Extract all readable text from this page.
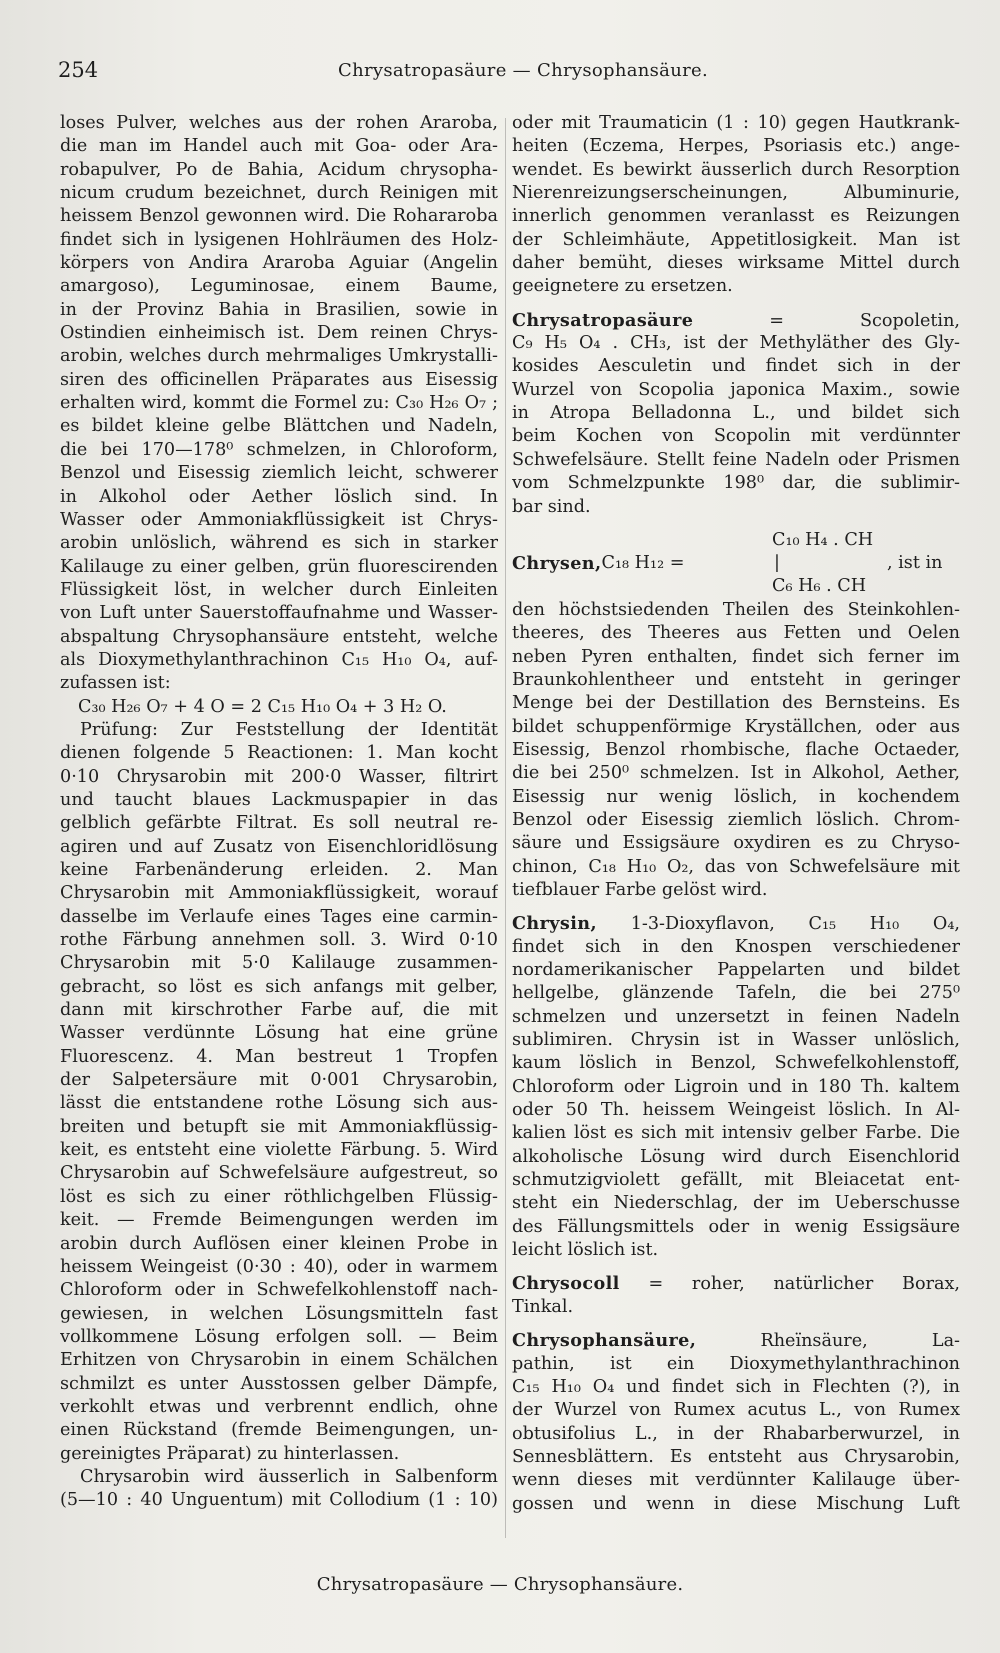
254	Chrysatropasäure — Chrysophansäure.
loses Pulver, welches aus der rohen Araroba,
die man im Handel auch mit Goa- oder Ara-
robapulver, Po de Bahia, Acidum chrysopha-
nicum crudum bezeichnet, durch Reinigen mit
heissem Benzol gewonnen wird. Die Rohararoba
findet sich in lysigenen Hohlräumen des Holz-
körpers von Andira Araroba Aguiar (Angelin
amargoso), Leguminosae, einem Baume,
in der Provinz Bahia in Brasilien, sowie in
Ostindien einheimisch ist. Dem reinen Chrys-
arobin, welches durch mehrmaliges Umkrystalli-
siren des officinellen Präparates aus Eisessig
erhalten wird, kommt die Formel zu: C₃₀ H₂₆ O₇ ;
es bildet kleine gelbe Blättchen und Nadeln,
die bei 170—178⁰ schmelzen, in Chloroform,
Benzol und Eisessig ziemlich leicht, schwerer
in Alkohol oder Aether löslich sind. In
Wasser oder Ammoniakflüssigkeit ist Chrys-
arobin unlöslich, während es sich in starker
Kalilauge zu einer gelben, grün fluorescirenden
Flüssigkeit löst, in welcher durch Einleiten
von Luft unter Sauerstoffaufnahme und Wasser-
abspaltung Chrysophansäure entsteht, welche
als Dioxymethylanthrachinon C₁₅ H₁₀ O₄, auf-
zufassen ist:
C₃₀ H₂₆ O₇ + 4 O = 2 C₁₅ H₁₀ O₄ + 3 H₂ O.
Prüfung: Zur Feststellung der Identität
dienen folgende 5 Reactionen: 1. Man kocht
0·10 Chrysarobin mit 200·0 Wasser, filtrirt
und taucht blaues Lackmuspapier in das
gelblich gefärbte Filtrat. Es soll neutral re-
agiren und auf Zusatz von Eisenchloridlösung
keine Farbenänderung erleiden. 2. Man
Chrysarobin mit Ammoniakflüssigkeit, worauf
dasselbe im Verlaufe eines Tages eine carmin-
rothe Färbung annehmen soll. 3. Wird 0·10
Chrysarobin mit 5·0 Kalilauge zusammen-
gebracht, so löst es sich anfangs mit gelber,
dann mit kirschrother Farbe auf, die mit
Wasser verdünnte Lösung hat eine grüne
Fluorescenz. 4. Man bestreut 1 Tropfen
der Salpetersäure mit 0·001 Chrysarobin,
lässt die entstandene rothe Lösung sich aus-
breiten und betupft sie mit Ammoniakflüssig-
keit, es entsteht eine violette Färbung. 5. Wird
Chrysarobin auf Schwefelsäure aufgestreut, so
löst es sich zu einer röthlichgelben Flüssig-
keit. — Fremde Beimengungen werden im
arobin durch Auflösen einer kleinen Probe in
heissem Weingeist (0·30 : 40), oder in warmem
Chloroform oder in Schwefelkohlenstoff nach-
gewiesen, in welchen Lösungsmitteln fast
vollkommene Lösung erfolgen soll. — Beim
Erhitzen von Chrysarobin in einem Schälchen
schmilzt es unter Ausstossen gelber Dämpfe,
verkohlt etwas und verbrennt endlich, ohne
einen Rückstand (fremde Beimengungen, un-
gereinigtes Präparat) zu hinterlassen.
Chrysarobin wird äusserlich in Salbenform
(5—10 : 40 Unguentum) mit Collodium (1 : 10)
oder mit Traumaticin (1 : 10) gegen Hautkrank-
heiten (Eczema, Herpes, Psoriasis etc.) ange-
wendet. Es bewirkt äusserlich durch Resorption
Nierenreizungserscheinungen, Albuminurie,
innerlich genommen veranlasst es Reizungen
der Schleimhäute, Appetitlosigkeit. Man ist
daher bemüht, dieses wirksame Mittel durch
geeignetere zu ersetzen.
Chrysatropasäure = Scopoletin,
C₉ H₅ O₄ . CH₃, ist der Methyläther des Gly-
kosides Aesculetin und findet sich in der
Wurzel von Scopolia japonica Maxim., sowie
in Atropa Belladonna L., und bildet sich
beim Kochen von Scopolin mit verdünnter
Schwefelsäure. Stellt feine Nadeln oder Prismen
vom Schmelzpunkte 198⁰ dar, die sublimir-
bar sind.
C₁₀ H₄ . CH
Chrysen, C₁₈ H₁₂ =	|	, ist in
C₆ H₆ . CH
den höchstsiedenden Theilen des Steinkohlen-
theeres, des Theeres aus Fetten und Oelen
neben Pyren enthalten, findet sich ferner im
Braunkohlentheer und entsteht in geringer
Menge bei der Destillation des Bernsteins. Es
bildet schuppenförmige Kryställchen, oder aus
Eisessig, Benzol rhombische, flache Octaeder,
die bei 250⁰ schmelzen. Ist in Alkohol, Aether,
Eisessig nur wenig löslich, in kochendem
Benzol oder Eisessig ziemlich löslich. Chrom-
säure und Essigsäure oxydiren es zu Chryso-
chinon, C₁₈ H₁₀ O₂, das von Schwefelsäure mit
tiefblauer Farbe gelöst wird.
Chrysin, 1-3-Dioxyflavon, C₁₅ H₁₀ O₄,
findet sich in den Knospen verschiedener
nordamerikanischer Pappelarten und bildet
hellgelbe, glänzende Tafeln, die bei 275⁰
schmelzen und unzersetzt in feinen Nadeln
sublimiren. Chrysin ist in Wasser unlöslich,
kaum löslich in Benzol, Schwefelkohlenstoff,
Chloroform oder Ligroin und in 180 Th. kaltem
oder 50 Th. heissem Weingeist löslich. In Al-
kalien löst es sich mit intensiv gelber Farbe. Die
alkoholische Lösung wird durch Eisenchlorid
schmutzigviolett gefällt, mit Bleiacetat ent-
steht ein Niederschlag, der im Ueberschusse
des Fällungsmittels oder in wenig Essigsäure
leicht löslich ist.
Chrysocoll = roher, natürlicher Borax,
Tinkal.
Chrysophansäure, Rheïnsäure, La-
pathin, ist ein Dioxymethylanthrachinon
C₁₅ H₁₀ O₄ und findet sich in Flechten (?), in
der Wurzel von Rumex acutus L., von Rumex
obtusifolius L., in der Rhabarberwurzel, in
Sennesblättern. Es entsteht aus Chrysarobin,
wenn dieses mit verdünnter Kalilauge über-
gossen und wenn in diese Mischung Luft
Chrysatropasäure — Chrysophansäure.
